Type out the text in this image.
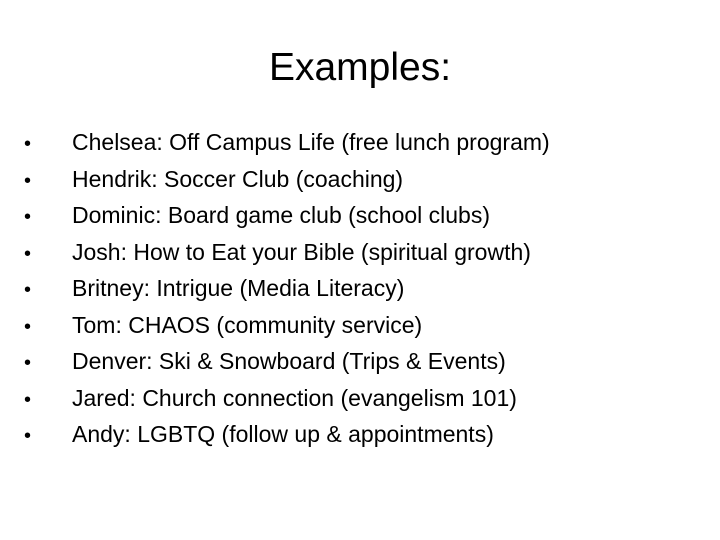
Examples:
•	Chelsea: Off Campus Life (free lunch program)
•	Hendrik: Soccer Club (coaching)
•	Dominic: Board game club (school clubs)
•	Josh: How to Eat your Bible (spiritual growth)
•	Britney: Intrigue (Media Literacy)
•	Tom: CHAOS (community service)
•	Denver: Ski & Snowboard (Trips & Events)
•	Jared: Church connection (evangelism 101)
•	Andy: LGBTQ (follow up & appointments)
